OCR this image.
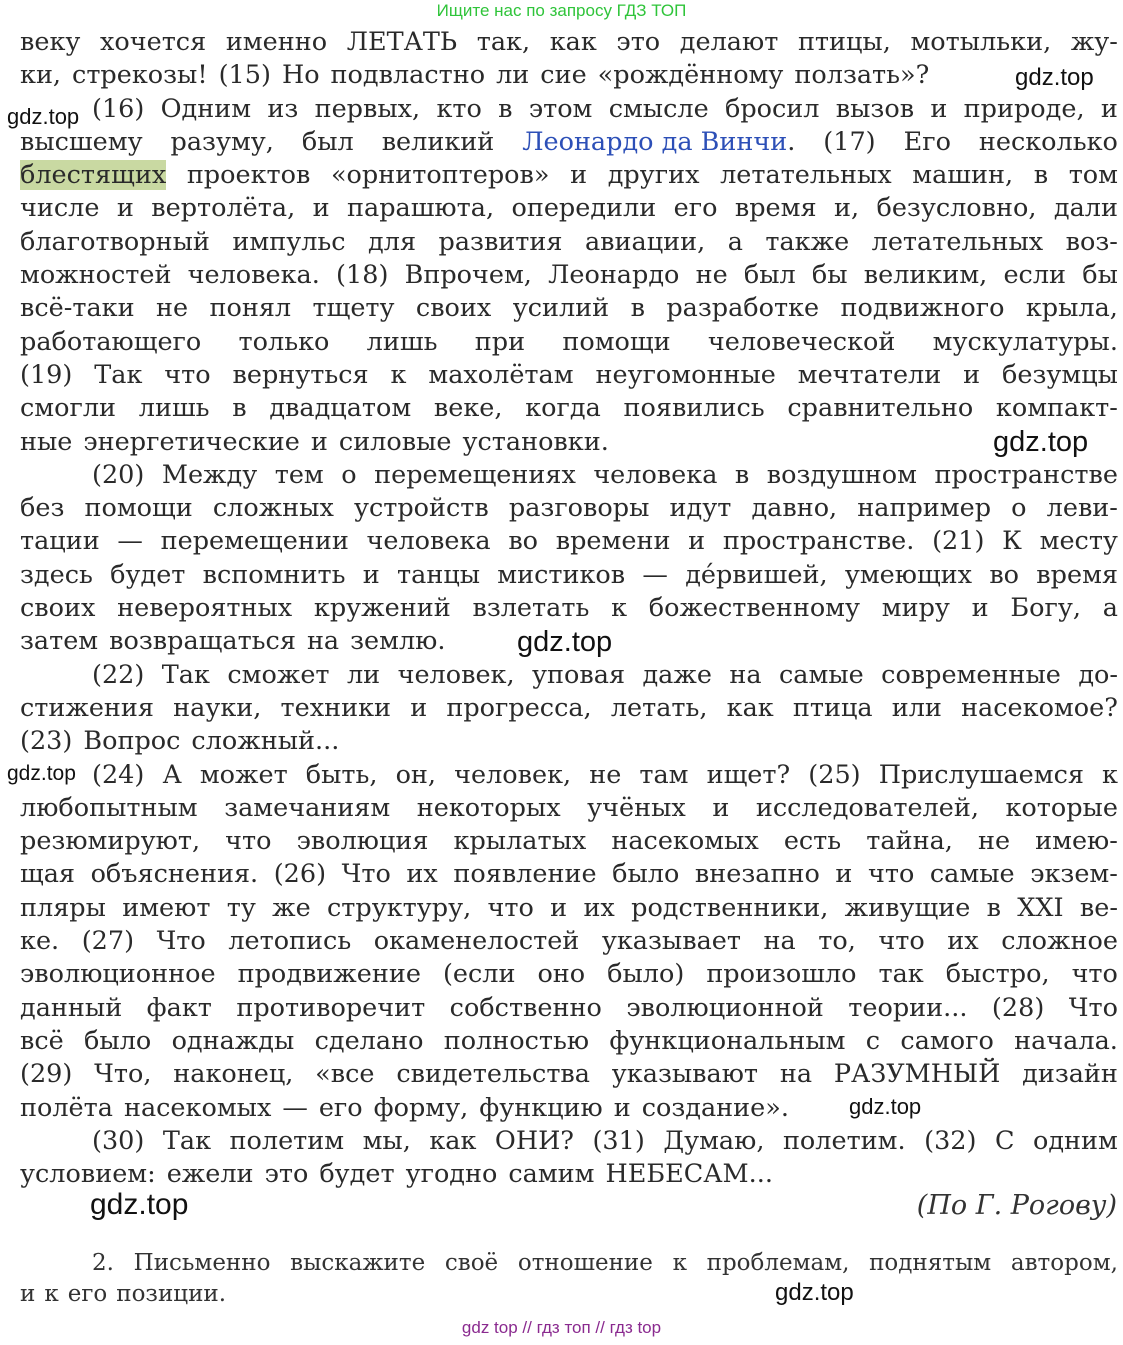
Ищите нас по запросу ГДЗ ТОП
веку хочется именно ЛЕТАТЬ так, как это делают птицы, мотыльки, жу-
ки, стрекозы! (15) Но подвластно ли сие «рождённому ползать»?
(16) Одним из первых, кто в этом смысле бросил вызов и природе, и
высшему разуму, был великий Леонардо да Винчи. (17) Его несколько
блестящих проектов «орнитоптеров» и других летательных машин, в том
числе и вертолёта, и парашюта, опередили его время и, безусловно, дали
благотворный импульс для развития авиации, а также летательных воз-
можностей человека. (18) Впрочем, Леонардо не был бы великим, если бы
всё-таки не понял тщету своих усилий в разработке подвижного крыла,
работающего только лишь при помощи человеческой мускулатуры.
(19) Так что вернуться к махолётам неугомонные мечтатели и безумцы
смогли лишь в двадцатом веке, когда появились сравнительно компакт-
ные энергетические и силовые установки.
(20) Между тем о перемещениях человека в воздушном пространстве
без помощи сложных устройств разговоры идут давно, например о леви-
тации — перемещении человека во времени и пространстве. (21) К месту
здесь будет вспомнить и танцы мистиков — де́рвишей, умеющих во время
своих невероятных кружений взлетать к божественному миру и Богу, а
затем возвращаться на землю.
(22) Так сможет ли человек, уповая даже на самые современные до-
стижения науки, техники и прогресса, летать, как птица или насекомое?
(23) Вопрос сложный...
(24) А может быть, он, человек, не там ищет? (25) Прислушаемся к
любопытным замечаниям некоторых учёных и исследователей, которые
резюмируют, что эволюция крылатых насекомых есть тайна, не имею-
щая объяснения. (26) Что их появление было внезапно и что самые экзем-
пляры имеют ту же структуру, что и их родственники, живущие в XXI ве-
ке. (27) Что летопись окаменелостей указывает на то, что их сложное
эволюционное продвижение (если оно было) произошло так быстро, что
данный факт противоречит собственно эволюционной теории... (28) Что
всё было однажды сделано полностью функциональным с самого начала.
(29) Что, наконец, «все свидетельства указывают на РАЗУМНЫЙ дизайн
полёта насекомых — его форму, функцию и создание».
(30) Так полетим мы, как ОНИ? (31) Думаю, полетим. (32) С одним
условием: ежели это будет угодно самим НЕБЕСАМ...
gdz.top
gdz.top
gdz.top
gdz.top
gdz.top
gdz.top
gdz.top
gdz.top
(По Г. Рогову)
2. Письменно выскажите своё отношение к проблемам, поднятым автором,
и к его позиции.
gdz top // гдз топ // гдз top
